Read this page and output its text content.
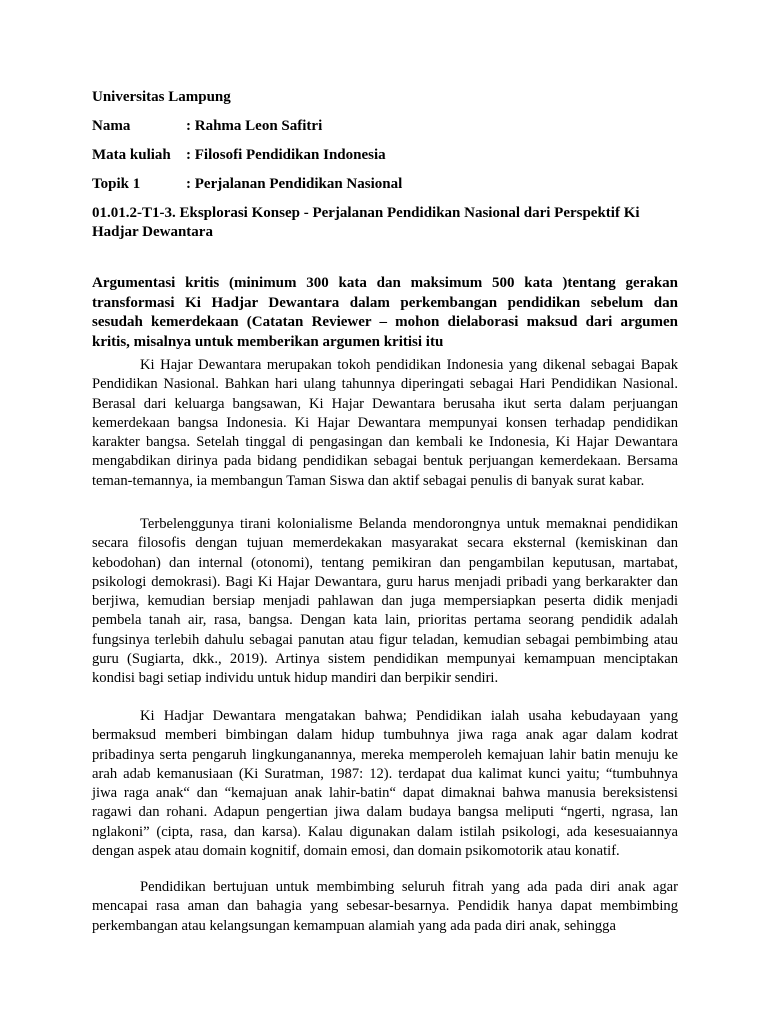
Universitas Lampung
Nama	: Rahma Leon Safitri
Mata kuliah : Filosofi Pendidikan Indonesia
Topik 1	: Perjalanan Pendidikan Nasional
01.01.2-T1-3. Eksplorasi Konsep - Perjalanan Pendidikan Nasional dari Perspektif Ki Hadjar Dewantara
Argumentasi kritis (minimum 300 kata dan maksimum 500 kata )tentang gerakan transformasi Ki Hadjar Dewantara dalam perkembangan pendidikan sebelum dan sesudah kemerdekaan (Catatan Reviewer – mohon dielaborasi maksud dari argumen kritis, misalnya untuk memberikan argumen kritisi itu

Ki Hajar Dewantara merupakan tokoh pendidikan Indonesia yang dikenal sebagai Bapak Pendidikan Nasional. Bahkan hari ulang tahunnya diperingati sebagai Hari Pendidikan Nasional. Berasal dari keluarga bangsawan, Ki Hajar Dewantara berusaha ikut serta dalam perjuangan kemerdekaan bangsa Indonesia. Ki Hajar Dewantara mempunyai konsen terhadap pendidikan karakter bangsa. Setelah tinggal di pengasingan dan kembali ke Indonesia, Ki Hajar Dewantara mengabdikan dirinya pada bidang pendidikan sebagai bentuk perjuangan kemerdekaan. Bersama teman-temannya, ia membangun Taman Siswa dan aktif sebagai penulis di banyak surat kabar.

Terbelenggunya tirani kolonialisme Belanda mendorongnya untuk memaknai pendidikan secara filosofis dengan tujuan memerdekakan masyarakat secara eksternal (kemiskinan dan kebodohan) dan internal (otonomi), tentang pemikiran dan pengambilan keputusan, martabat, psikologi demokrasi). Bagi Ki Hajar Dewantara, guru harus menjadi pribadi yang berkarakter dan berjiwa, kemudian bersiap menjadi pahlawan dan juga mempersiapkan peserta didik menjadi pembela tanah air, rasa, bangsa. Dengan kata lain, prioritas pertama seorang pendidik adalah fungsinya terlebih dahulu sebagai panutan atau figur teladan, kemudian sebagai pembimbing atau guru (Sugiarta, dkk., 2019). Artinya sistem pendidikan mempunyai kemampuan menciptakan kondisi bagi setiap individu untuk hidup mandiri dan berpikir sendiri.

Ki Hadjar Dewantara mengatakan bahwa; Pendidikan ialah usaha kebudayaan yang bermaksud memberi bimbingan dalam hidup tumbuhnya jiwa raga anak agar dalam kodrat pribadinya serta pengaruh lingkunganannya, mereka memperoleh kemajuan lahir batin menuju ke arah adab kemanusiaan (Ki Suratman, 1987: 12). terdapat dua kalimat kunci yaitu; “tumbuhnya jiwa raga anak“ dan “kemajuan anak lahir-batin“ dapat dimaknai bahwa manusia bereksistensi ragawi dan rohani. Adapun pengertian jiwa dalam budaya bangsa meliputi “ngerti, ngrasa, lan nglakoni” (cipta, rasa, dan karsa). Kalau digunakan dalam istilah psikologi, ada kesesuaiannya dengan aspek atau domain kognitif, domain emosi, dan domain psikomotorik atau konatif.

Pendidikan bertujuan untuk membimbing seluruh fitrah yang ada pada diri anak agar mencapai rasa aman dan bahagia yang sebesar-besarnya. Pendidik hanya dapat membimbing perkembangan atau kelangsungan kemampuan alamiah yang ada pada diri anak, sehingga
